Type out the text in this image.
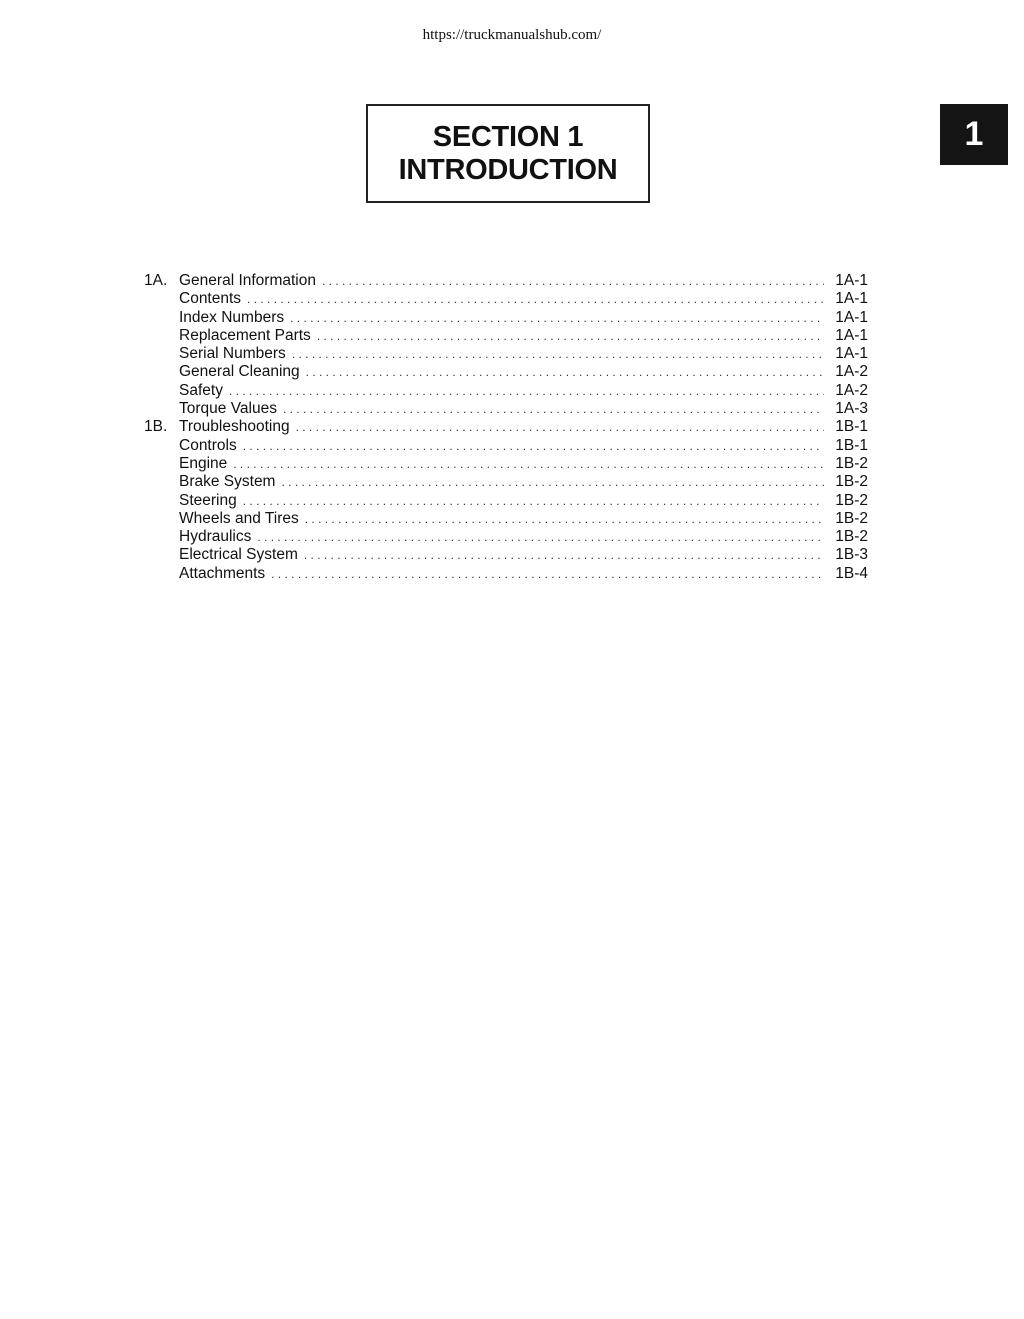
https://truckmanualshub.com/
SECTION 1
INTRODUCTION
1
1A. General Information . . .	1A-1
Contents . . .	1A-1
Index Numbers . . .	1A-1
Replacement Parts . . .	1A-1
Serial Numbers . . .	1A-1
General Cleaning . . .	1A-2
Safety . . .	1A-2
Torque Values . . .	1A-3
1B. Troubleshooting . . .	1B-1
Controls . . .	1B-1
Engine . . .	1B-2
Brake System . . .	1B-2
Steering . . .	1B-2
Wheels and Tires . . .	1B-2
Hydraulics . . .	1B-2
Electrical System . . .	1B-3
Attachments . . .	1B-4
